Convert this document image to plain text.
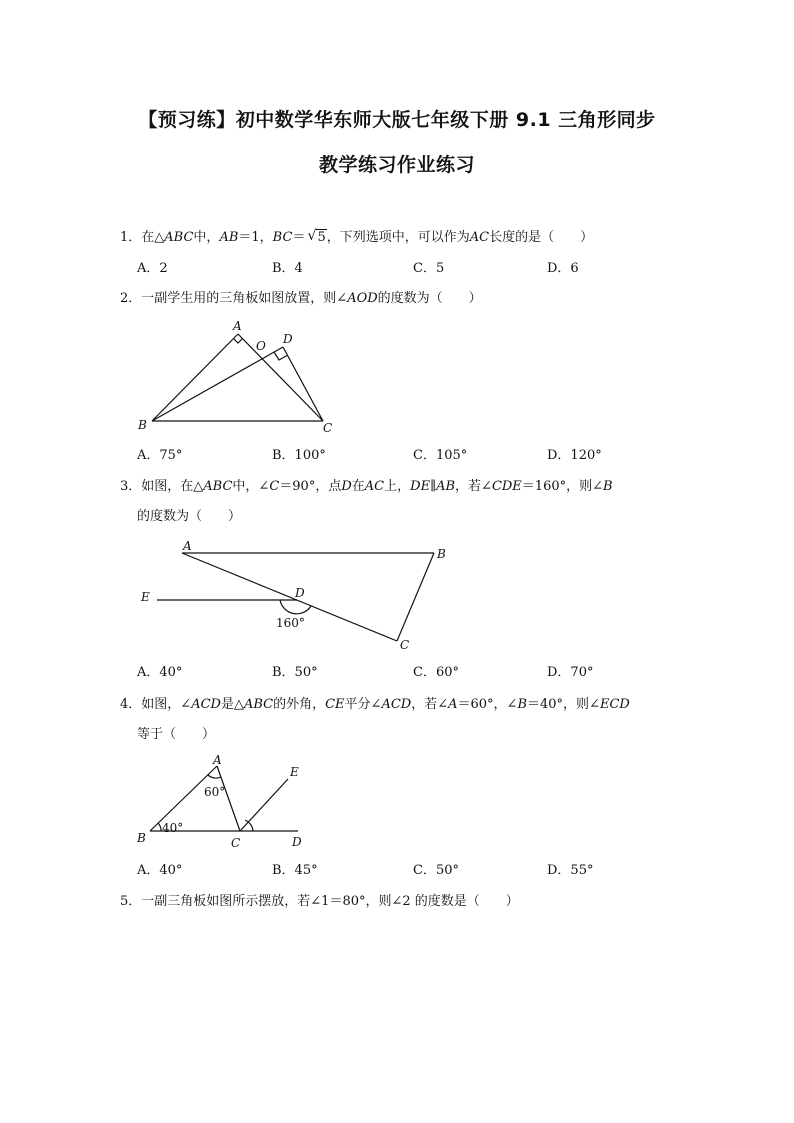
【预习练】初中数学华东师大版七年级下册 9.1 三角形同步
教学练习作业练习
1．在△ABC中，AB＝1，BC＝ √ 5，下列选项中，可以作为AC长度的是（　　）
A．2	B．4	C．5	D．6
2．一副学生用的三角板如图放置，则∠AOD的度数为（　　）
A
O D
B	C
A．75°	B．100°	C．105°	D．120°
3．如图，在△ABC中，∠C＝90°，点D在AC上，DE∥AB，若∠CDE＝160°，则∠B
的度数为（　　）
A
B
E	D
C
160°
A．40°	B．50°	C．60°	D．70°
4．如图，∠ACD是△ABC的外角，CE平分∠ACD，若∠A＝60°，∠B＝40°，则∠ECD
等于（　　）
A
E
B	C	D
60°
40°
A．40°	B．45°	C．50°	D．55°
5．一副三角板如图所示摆放，若∠1＝80°，则∠2 的度数是（　　）
